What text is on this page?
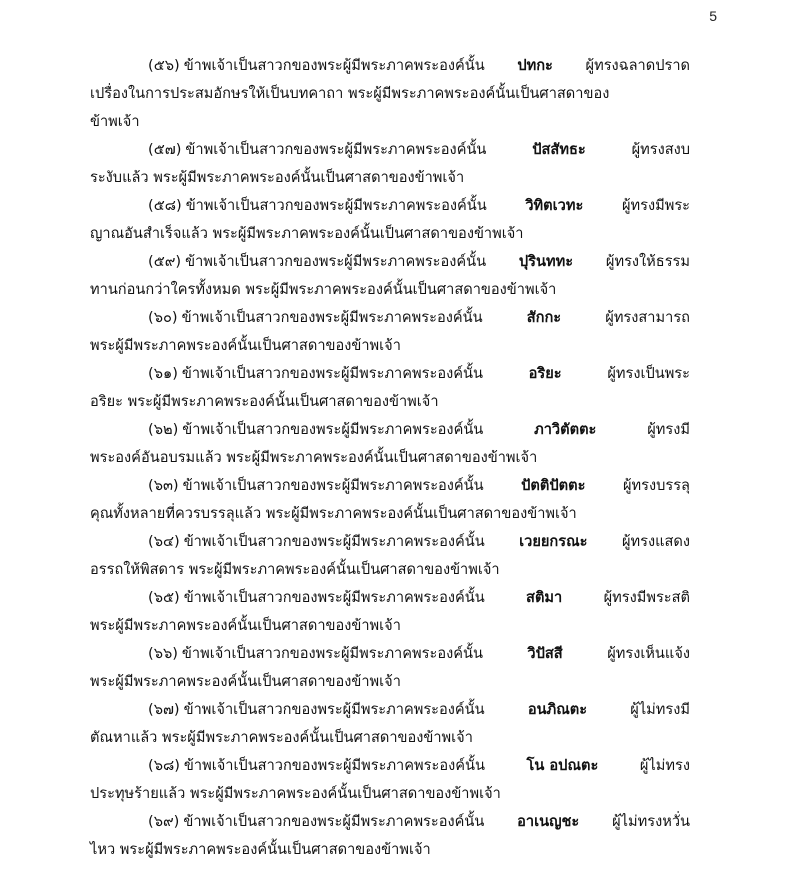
5
(๕๖) ข้าพเจ้าเป็นสาวกของพระผู้มีพระภาคพระองค์นั้น	ปทกะ	ผู้ทรงฉลาดปราด
เปรื่องในการประสมอักษรให้เป็นบทคาถา พระผู้มีพระภาคพระองค์นั้นเป็นศาสดาของ
ข้าพเจ้า
(๕๗) ข้าพเจ้าเป็นสาวกของพระผู้มีพระภาคพระองค์นั้น	ปัสสัทธะ	ผู้ทรงสงบ
ระงับแล้ว พระผู้มีพระภาคพระองค์นั้นเป็นศาสดาของข้าพเจ้า
(๕๘) ข้าพเจ้าเป็นสาวกของพระผู้มีพระภาคพระองค์นั้น	วิทิตเวทะ	ผู้ทรงมีพระ
ญาณอันสำเร็จแล้ว พระผู้มีพระภาคพระองค์นั้นเป็นศาสดาของข้าพเจ้า
(๕๙) ข้าพเจ้าเป็นสาวกของพระผู้มีพระภาคพระองค์นั้น	ปุรินททะ	ผู้ทรงให้ธรรม
ทานก่อนกว่าใครทั้งหมด พระผู้มีพระภาคพระองค์นั้นเป็นศาสดาของข้าพเจ้า
(๖๐) ข้าพเจ้าเป็นสาวกของพระผู้มีพระภาคพระองค์นั้น	สักกะ	ผู้ทรงสามารถ
พระผู้มีพระภาคพระองค์นั้นเป็นศาสดาของข้าพเจ้า
(๖๑) ข้าพเจ้าเป็นสาวกของพระผู้มีพระภาคพระองค์นั้น	อริยะ	ผู้ทรงเป็นพระ
อริยะ พระผู้มีพระภาคพระองค์นั้นเป็นศาสดาของข้าพเจ้า
(๖๒) ข้าพเจ้าเป็นสาวกของพระผู้มีพระภาคพระองค์นั้น	ภาวิตัตตะ	ผู้ทรงมี
พระองค์อันอบรมแล้ว พระผู้มีพระภาคพระองค์นั้นเป็นศาสดาของข้าพเจ้า
(๖๓) ข้าพเจ้าเป็นสาวกของพระผู้มีพระภาคพระองค์นั้น	ปัตติปัตตะ	ผู้ทรงบรรลุ
คุณทั้งหลายที่ควรบรรลุแล้ว พระผู้มีพระภาคพระองค์นั้นเป็นศาสดาของข้าพเจ้า
(๖๔) ข้าพเจ้าเป็นสาวกของพระผู้มีพระภาคพระองค์นั้น	เวยยกรณะ	ผู้ทรงแสดง
อรรถให้พิสดาร พระผู้มีพระภาคพระองค์นั้นเป็นศาสดาของข้าพเจ้า
(๖๕) ข้าพเจ้าเป็นสาวกของพระผู้มีพระภาคพระองค์นั้น	สติมา	ผู้ทรงมีพระสติ
พระผู้มีพระภาคพระองค์นั้นเป็นศาสดาของข้าพเจ้า
(๖๖) ข้าพเจ้าเป็นสาวกของพระผู้มีพระภาคพระองค์นั้น	วิปัสสี	ผู้ทรงเห็นแจ้ง
พระผู้มีพระภาคพระองค์นั้นเป็นศาสดาของข้าพเจ้า
(๖๗) ข้าพเจ้าเป็นสาวกของพระผู้มีพระภาคพระองค์นั้น	อนภิณตะ	ผู้ไม่ทรงมี
ตัณหาแล้ว พระผู้มีพระภาคพระองค์นั้นเป็นศาสดาของข้าพเจ้า
(๖๘) ข้าพเจ้าเป็นสาวกของพระผู้มีพระภาคพระองค์นั้น	โน อปณตะ	ผู้ไม่ทรง
ประทุษร้ายแล้ว พระผู้มีพระภาคพระองค์นั้นเป็นศาสดาของข้าพเจ้า
(๖๙) ข้าพเจ้าเป็นสาวกของพระผู้มีพระภาคพระองค์นั้น	อาเนญชะ	ผู้ไม่ทรงหวั่น
ไหว พระผู้มีพระภาคพระองค์นั้นเป็นศาสดาของข้าพเจ้า
